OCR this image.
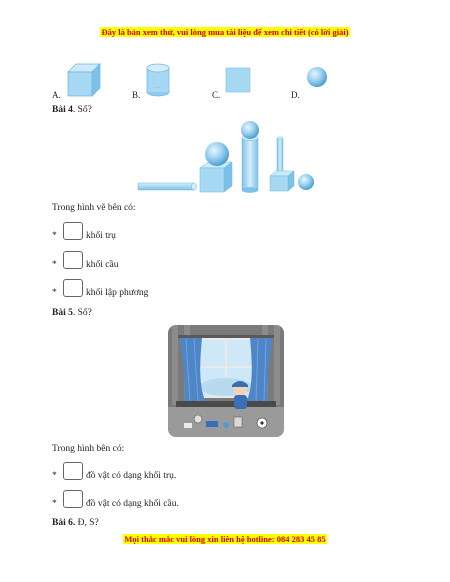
Đây là bản xem thử, vui lòng mua tài liệu để xem chi tiết (có lời giải)
A.	B.	C.	D.
Bài 4. Số?
Trong hình vẽ bên có:
*	khối trụ
*	khối cầu
*	khối lập phương
Bài 5. Số?
Trong hình bên có:
*	đồ vật có dạng khối trụ.
*	đồ vật có dạng khối cầu.
Bài 6. Đ, S?
Mọi thắc mắc vui lòng xin liên hệ hotline: 084 283 45 85
